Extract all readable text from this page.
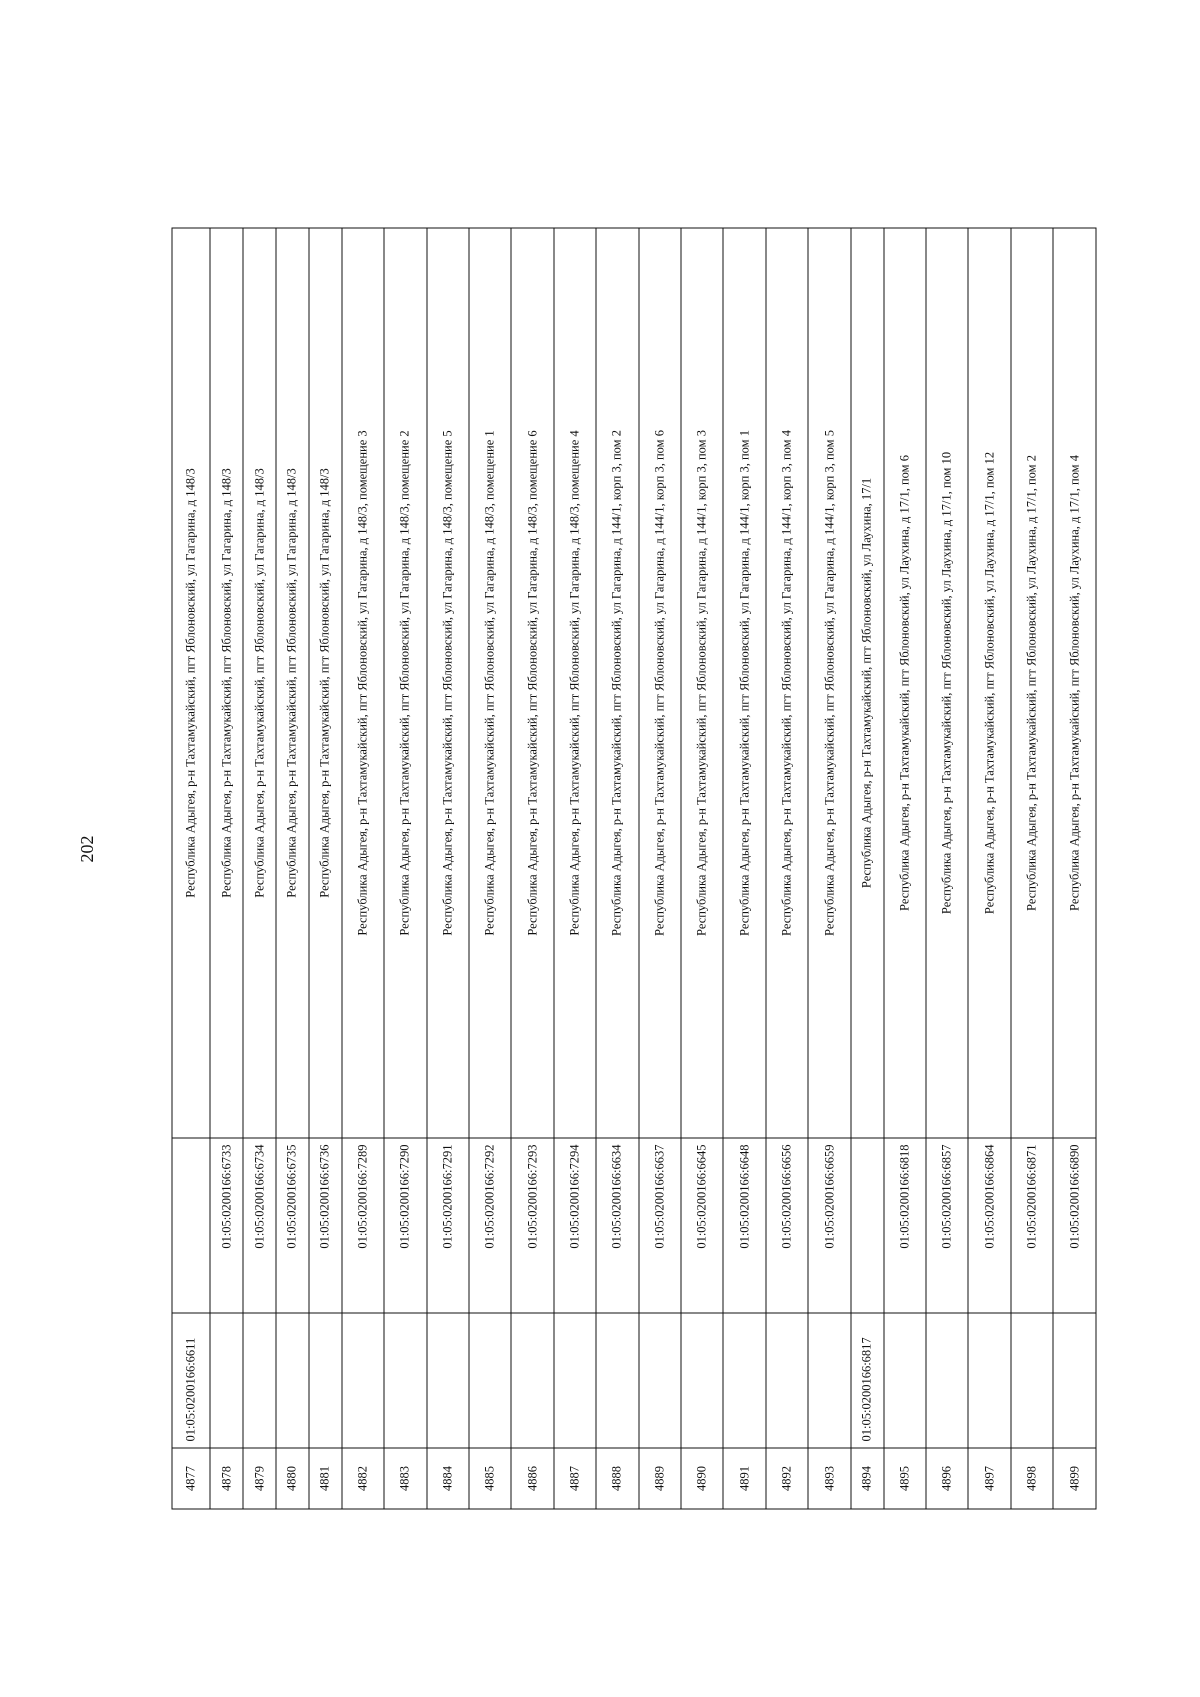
202
4877	01:05:0200166:6611		Республика Адыгея, р-н Тахтамукайский, пгт Яблоновский, ул Гагарина, д 148/3
4878		01:05:0200166:6733	Республика Адыгея, р-н Тахтамукайский, пгт Яблоновский, ул Гагарина, д 148/3
4879		01:05:0200166:6734	Республика Адыгея, р-н Тахтамукайский, пгт Яблоновский, ул Гагарина, д 148/3
4880		01:05:0200166:6735	Республика Адыгея, р-н Тахтамукайский, пгт Яблоновский, ул Гагарина, д 148/3
4881		01:05:0200166:6736	Республика Адыгея, р-н Тахтамукайский, пгт Яблоновский, ул Гагарина, д 148/3
4882		01:05:0200166:7289	Республика Адыгея, р-н Тахтамукайский, пгт Яблоновский, ул Гагарина, д 148/3, помещение 3
4883		01:05:0200166:7290	Республика Адыгея, р-н Тахтамукайский, пгт Яблоновский, ул Гагарина, д 148/3, помещение 2
4884		01:05:0200166:7291	Республика Адыгея, р-н Тахтамукайский, пгт Яблоновский, ул Гагарина, д 148/3, помещение 5
4885		01:05:0200166:7292	Республика Адыгея, р-н Тахтамукайский, пгт Яблоновский, ул Гагарина, д 148/3, помещение 1
4886		01:05:0200166:7293	Республика Адыгея, р-н Тахтамукайский, пгт Яблоновский, ул Гагарина, д 148/3, помещение 6
4887		01:05:0200166:7294	Республика Адыгея, р-н Тахтамукайский, пгт Яблоновский, ул Гагарина, д 148/3, помещение 4
4888		01:05:0200166:6634	Республика Адыгея, р-н Тахтамукайский, пгт Яблоновский, ул Гагарина, д 144/1, корп 3, пом 2
4889		01:05:0200166:6637	Республика Адыгея, р-н Тахтамукайский, пгт Яблоновский, ул Гагарина, д 144/1, корп 3, пом 6
4890		01:05:0200166:6645	Республика Адыгея, р-н Тахтамукайский, пгт Яблоновский, ул Гагарина, д 144/1, корп 3, пом 3
4891		01:05:0200166:6648	Республика Адыгея, р-н Тахтамукайский, пгт Яблоновский, ул Гагарина, д 144/1, корп 3, пом 1
4892		01:05:0200166:6656	Республика Адыгея, р-н Тахтамукайский, пгт Яблоновский, ул Гагарина, д 144/1, корп 3, пом 4
4893		01:05:0200166:6659	Республика Адыгея, р-н Тахтамукайский, пгт Яблоновский, ул Гагарина, д 144/1, корп 3, пом 5
4894	01:05:0200166:6817		Республика Адыгея, р-н Тахтамукайский, пгт Яблоновский, ул Лаухина, 17/1
4895		01:05:0200166:6818	Республика Адыгея, р-н Тахтамукайский, пгт Яблоновский, ул Лаухина, д 17/1, пом 6
4896		01:05:0200166:6857	Республика Адыгея, р-н Тахтамукайский, пгт Яблоновский, ул Лаухина, д 17/1, пом 10
4897		01:05:0200166:6864	Республика Адыгея, р-н Тахтамукайский, пгт Яблоновский, ул Лаухина, д 17/1, пом 12
4898		01:05:0200166:6871	Республика Адыгея, р-н Тахтамукайский, пгт Яблоновский, ул Лаухина, д 17/1, пом 2
4899		01:05:0200166:6890	Республика Адыгея, р-н Тахтамукайский, пгт Яблоновский, ул Лаухина, д 17/1, пом 4
